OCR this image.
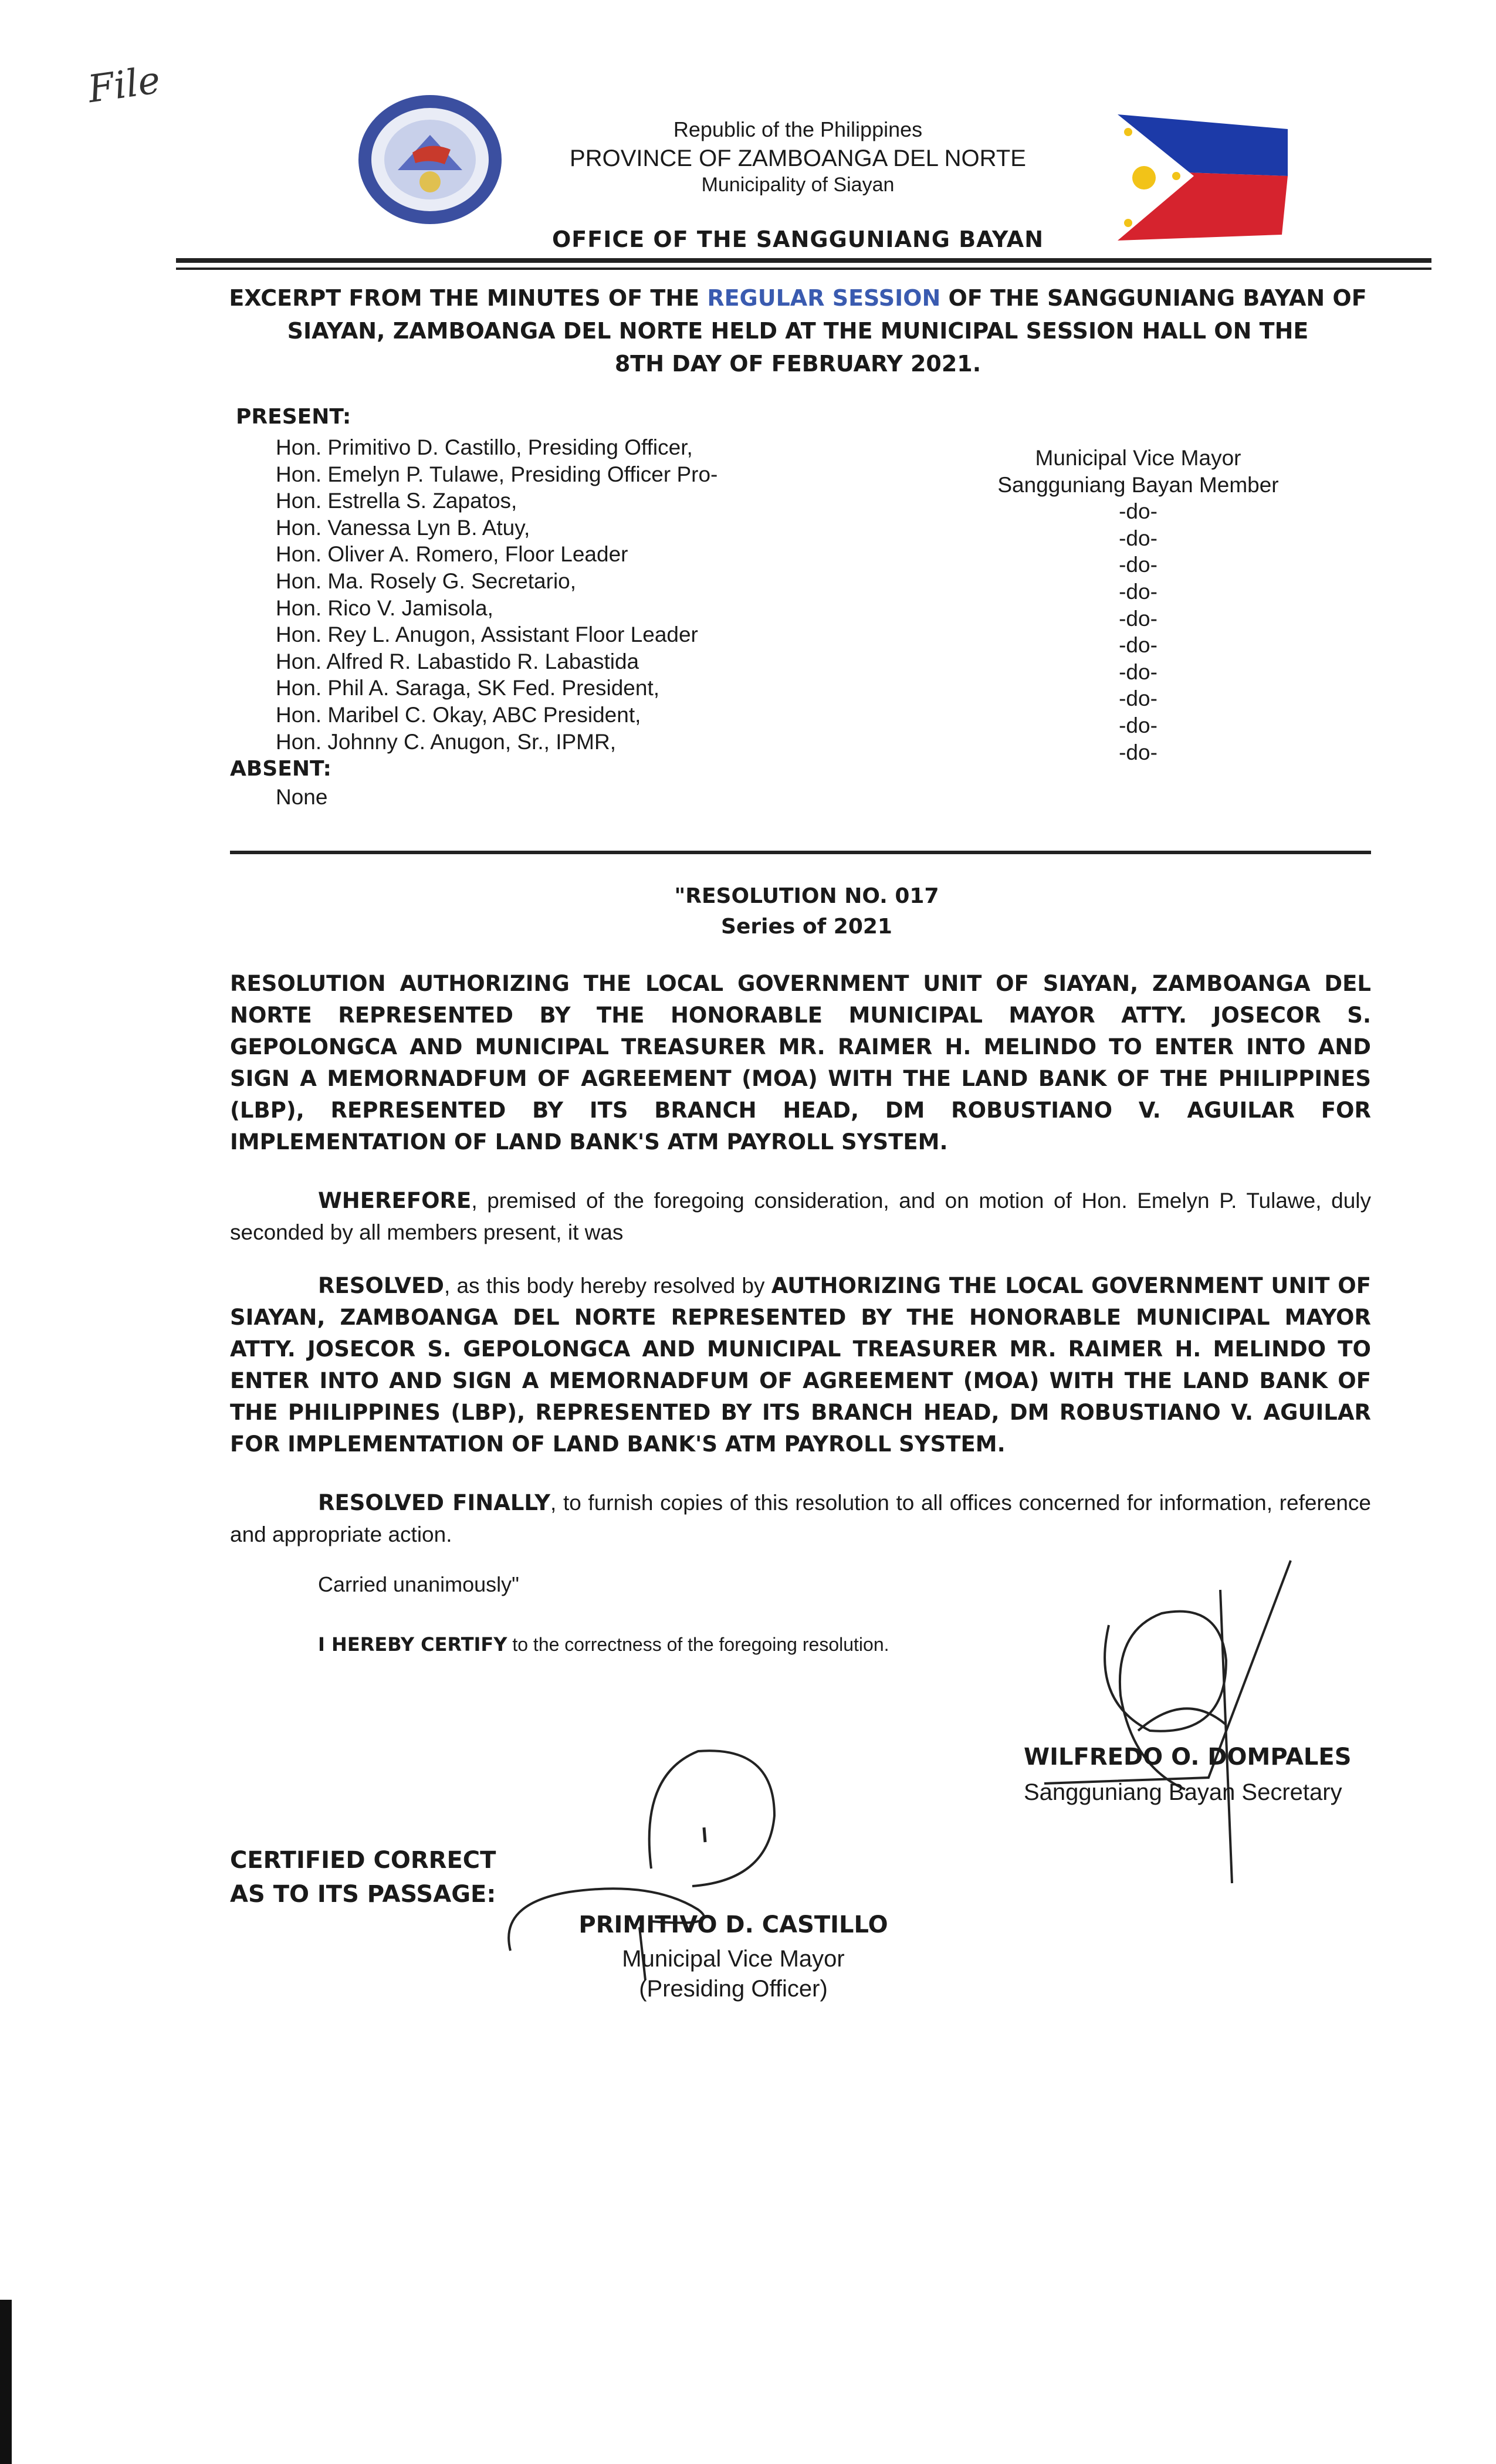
File
Republic of the Philippines
PROVINCE OF ZAMBOANGA DEL NORTE
Municipality of Siayan
OFFICE OF THE SANGGUNIANG BAYAN
EXCERPT FROM THE MINUTES OF THE REGULAR SESSION OF THE SANGGUNIANG BAYAN OF
SIAYAN, ZAMBOANGA DEL NORTE HELD AT THE MUNICIPAL SESSION HALL ON THE
8TH DAY OF FEBRUARY 2021.
PRESENT:
Hon. Primitivo D. Castillo, Presiding Officer,
Hon. Emelyn P. Tulawe, Presiding Officer Pro-
Hon. Estrella S. Zapatos,
Hon. Vanessa Lyn B. Atuy,
Hon. Oliver A. Romero, Floor Leader
Hon. Ma. Rosely G. Secretario,
Hon. Rico V. Jamisola,
Hon. Rey L. Anugon, Assistant Floor Leader
Hon. Alfred R. Labastido R. Labastida
Hon. Phil A. Saraga, SK Fed. President,
Hon. Maribel C. Okay, ABC President,
Hon. Johnny C. Anugon, Sr., IPMR,
Municipal Vice Mayor
Sangguniang Bayan Member
-do-
-do-
-do-
-do-
-do-
-do-
-do-
-do-
-do-
-do-
ABSENT:
None
"RESOLUTION NO. 017
Series of 2021
RESOLUTION AUTHORIZING THE LOCAL GOVERNMENT UNIT OF SIAYAN, ZAMBOANGA DEL NORTE REPRESENTED BY THE HONORABLE MUNICIPAL MAYOR ATTY. JOSECOR S. GEPOLONGCA AND MUNICIPAL TREASURER MR. RAIMER H. MELINDO TO ENTER INTO AND SIGN A MEMORNADFUM OF AGREEMENT (MOA) WITH THE LAND BANK OF THE PHILIPPINES (LBP), REPRESENTED BY ITS BRANCH HEAD, DM ROBUSTIANO V. AGUILAR FOR IMPLEMENTATION OF LAND BANK'S ATM PAYROLL SYSTEM.
WHEREFORE, premised of the foregoing consideration, and on motion of Hon. Emelyn P. Tulawe, duly seconded by all members present, it was
RESOLVED, as this body hereby resolved by AUTHORIZING THE LOCAL GOVERNMENT UNIT OF SIAYAN, ZAMBOANGA DEL NORTE REPRESENTED BY THE HONORABLE MUNICIPAL MAYOR ATTY. JOSECOR S. GEPOLONGCA AND MUNICIPAL TREASURER MR. RAIMER H. MELINDO TO ENTER INTO AND SIGN A MEMORNADFUM OF AGREEMENT (MOA) WITH THE LAND BANK OF THE PHILIPPINES (LBP), REPRESENTED BY ITS BRANCH HEAD, DM ROBUSTIANO V. AGUILAR FOR IMPLEMENTATION OF LAND BANK'S ATM PAYROLL SYSTEM.
RESOLVED FINALLY, to furnish copies of this resolution to all offices concerned for information, reference and appropriate action.
Carried unanimously"
I HEREBY CERTIFY to the correctness of the foregoing resolution.
WILFREDO O. DOMPALES
Sangguniang Bayan Secretary
CERTIFIED CORRECT
AS TO ITS PASSAGE:
PRIMITIVO D. CASTILLO
Municipal Vice Mayor
(Presiding Officer)
